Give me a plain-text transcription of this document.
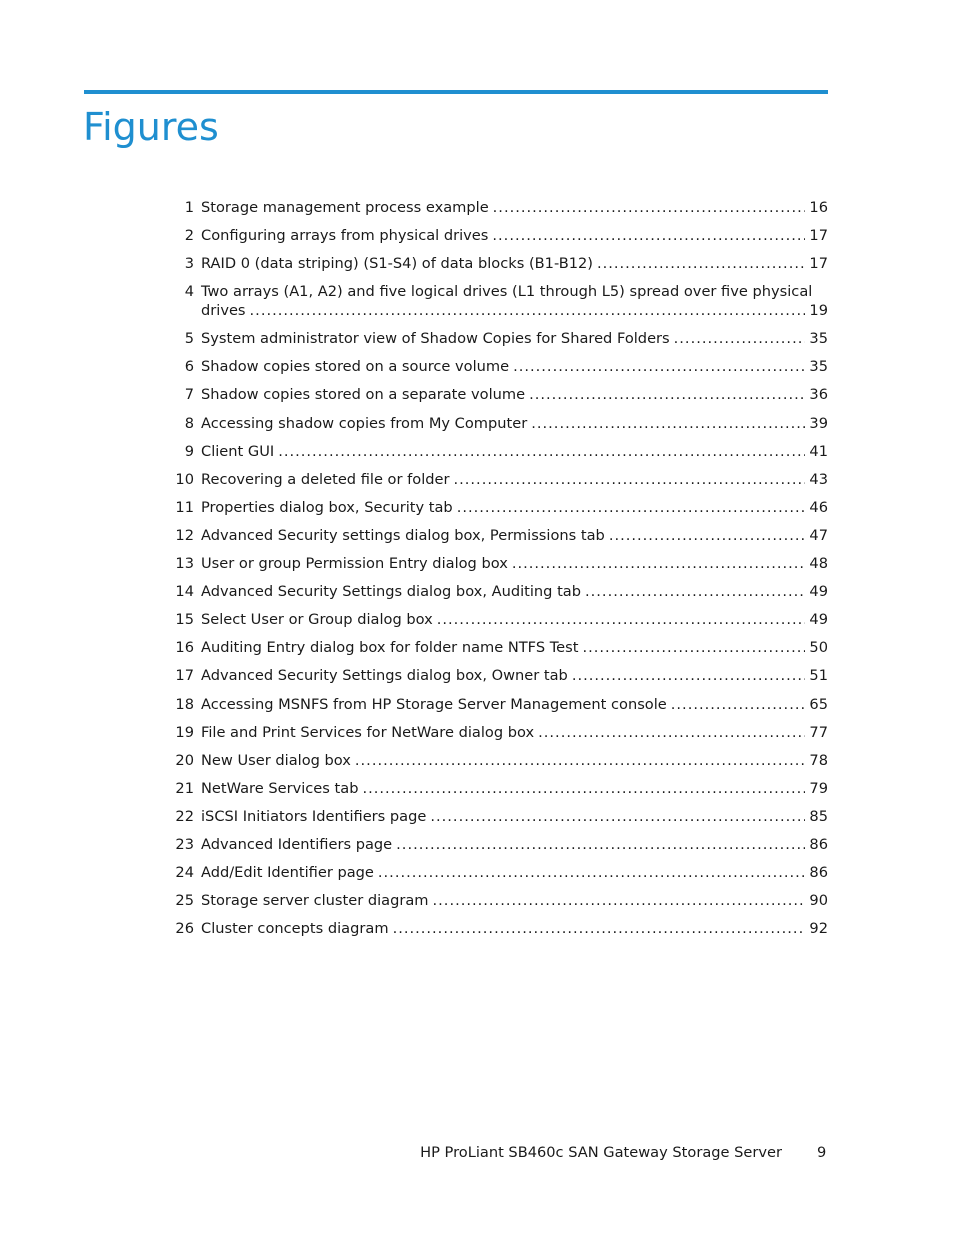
Figures
1 Storage management process example .....	16
2 Configuring arrays from physical drives .....	17
3 RAID 0 (data striping) (S1-S4) of data blocks (B1-B12) .....	17
4 Two arrays (A1, A2) and five logical drives (L1 through L5) spread over five physical
drives .....	19
5 System administrator view of Shadow Copies for Shared Folders .....	35
6 Shadow copies stored on a source volume .....	35
7 Shadow copies stored on a separate volume .....	36
8 Accessing shadow copies from My Computer .....	39
9 Client GUI .....	41
10 Recovering a deleted file or folder .....	43
11 Properties dialog box, Security tab .....	46
12 Advanced Security settings dialog box, Permissions tab .....	47
13 User or group Permission Entry dialog box .....	48
14 Advanced Security Settings dialog box, Auditing tab .....	49
15 Select User or Group dialog box .....	49
16 Auditing Entry dialog box for folder name NTFS Test .....	50
17 Advanced Security Settings dialog box, Owner tab .....	51
18 Accessing MSNFS from HP Storage Server Management console .....	65
19 File and Print Services for NetWare dialog box .....	77
20 New User dialog box .....	78
21 NetWare Services tab .....	79
22 iSCSI Initiators Identifiers page .....	85
23 Advanced Identifiers page .....	86
24 Add/Edit Identifier page .....	86
25 Storage server cluster diagram .....	90
26 Cluster concepts diagram .....	92
HP ProLiant SB460c SAN Gateway Storage Server 9
